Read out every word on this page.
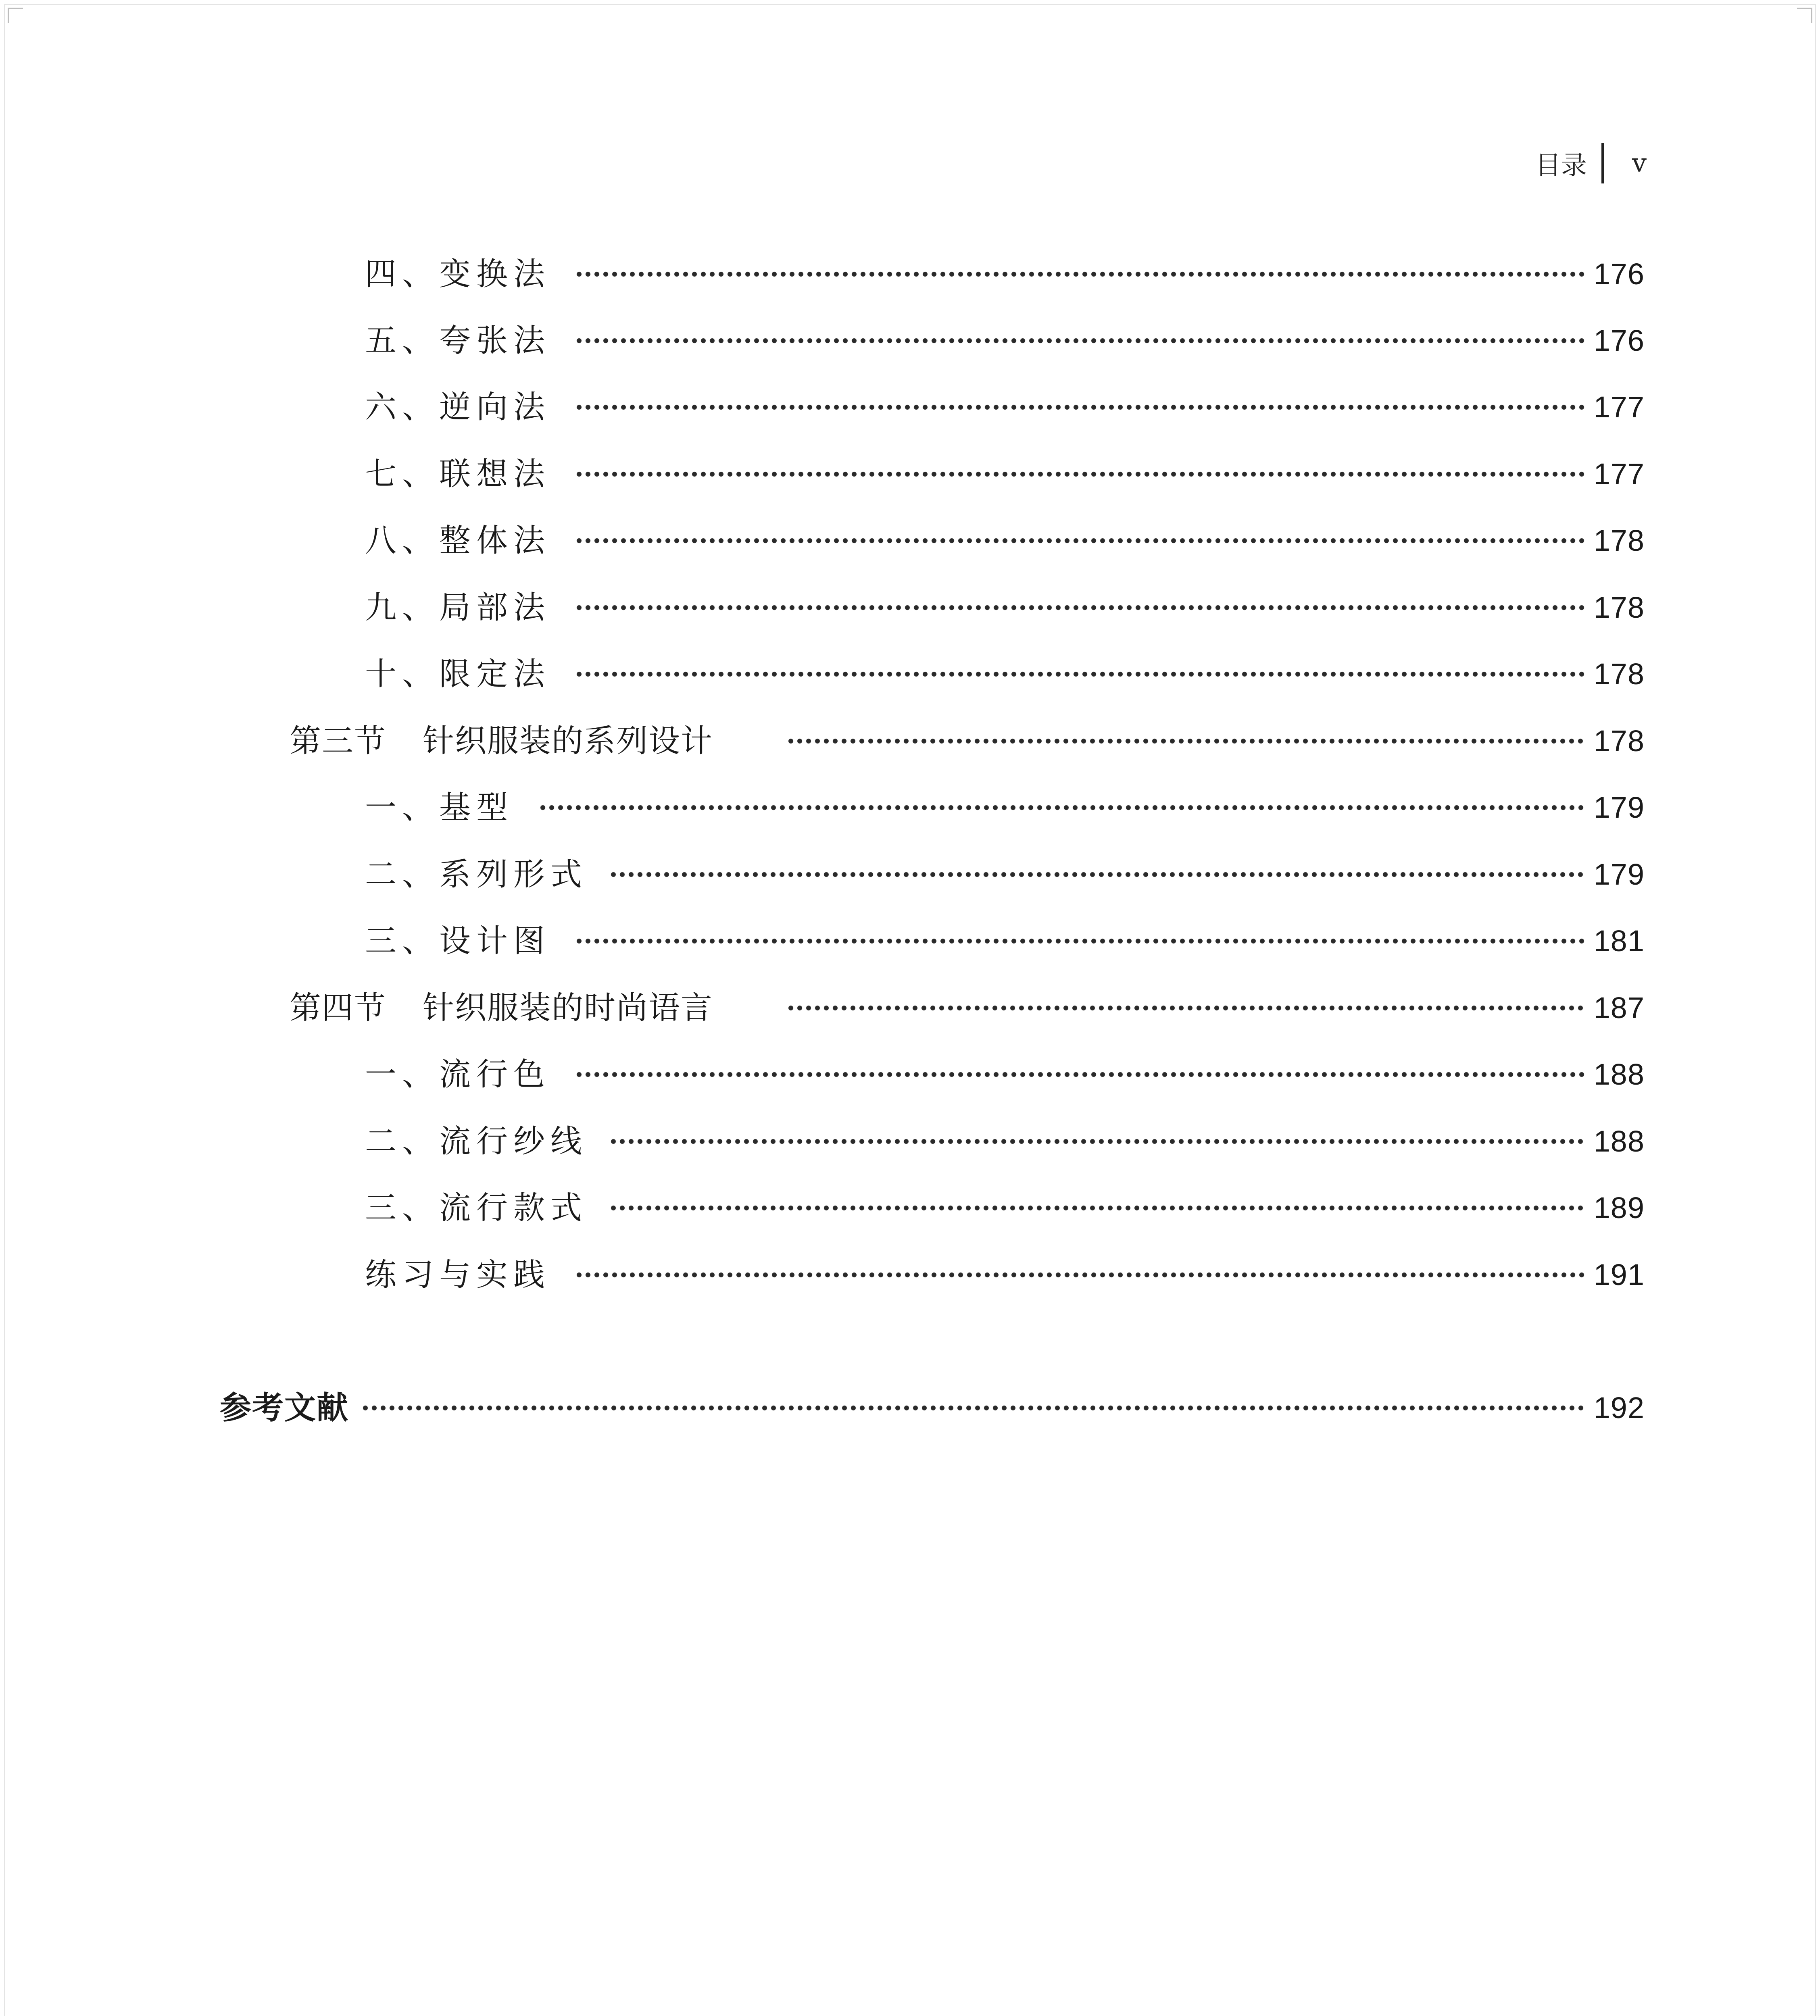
目录 v
四、变换法	176
五、夸张法	176
六、逆向法	177
七、联想法	177
八、整体法	178
九、局部法	178
十、限定法	178
第三节 针织服装的系列设计	178
一、基型	179
二、系列形式	179
三、设计图	181
第四节 针织服装的时尚语言	187
一、流行色	188
二、流行纱线	188
三、流行款式	189
练习与实践	191
参考文献	192
